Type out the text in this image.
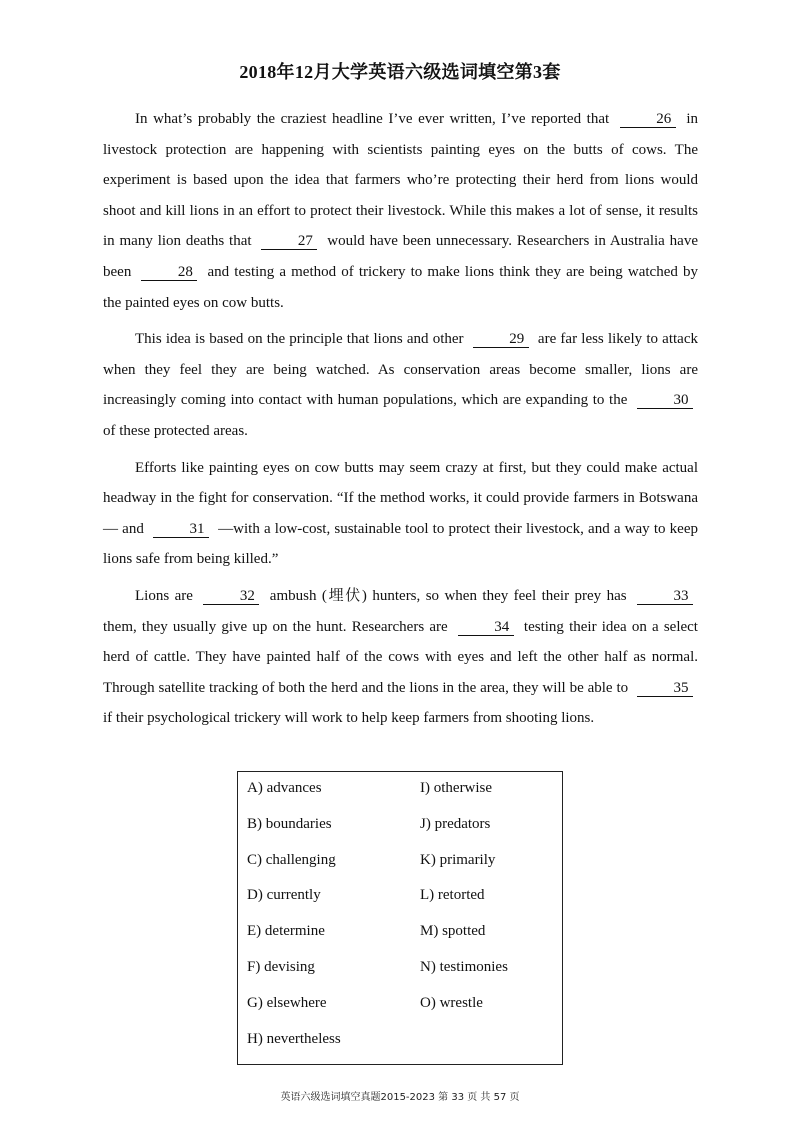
2018年12月大学英语六级选词填空第3套

In what’s probably the craziest headline I’ve ever written, I’ve reported that	26 in livestock protection are happening with scientists painting eyes on the butts of cows. The experiment is based upon the idea that farmers who’re protecting their herd from lions would shoot and kill lions in an effort to protect their livestock. While this makes a lot of sense, it results in many lion deaths that	27 would have been unnecessary. Researchers in Australia have been	28 and testing a method of trickery to make lions think they are being watched by the painted eyes on cow butts.

This idea is based on the principle that lions and other	29 are far less likely to attack when they feel they are being watched. As conservation areas become smaller, lions are increasingly coming into contact with human populations, which are expanding to the	30 of these protected areas.

Efforts like painting eyes on cow butts may seem crazy at first, but they could make actual headway in the fight for conservation. “If the method works, it could provide farmers in Botswana — and	31 —with a low-cost, sustainable tool to protect their livestock, and a way to keep lions safe from being killed.”

Lions are	32 ambush (埋伏) hunters, so when they feel their prey has	33 them, they usually give up on the hunt. Researchers are	34 testing their idea on a select herd of cattle. They have painted half of the cows with eyes and left the other half as normal. Through satellite tracking of both the herd and the lions in the area, they will be able to	35 if their psychological trickery will work to help keep farmers from shooting lions.

A) advances	I) otherwise
B) boundaries	J) predators
C) challenging	K) primarily
D) currently	L) retorted
E) determine	M) spotted
F) devising	N) testimonies
G) elsewhere	O) wrestle
H) nevertheless
英语六级选词填空真题2015-2023 第 33 页 共 57 页
